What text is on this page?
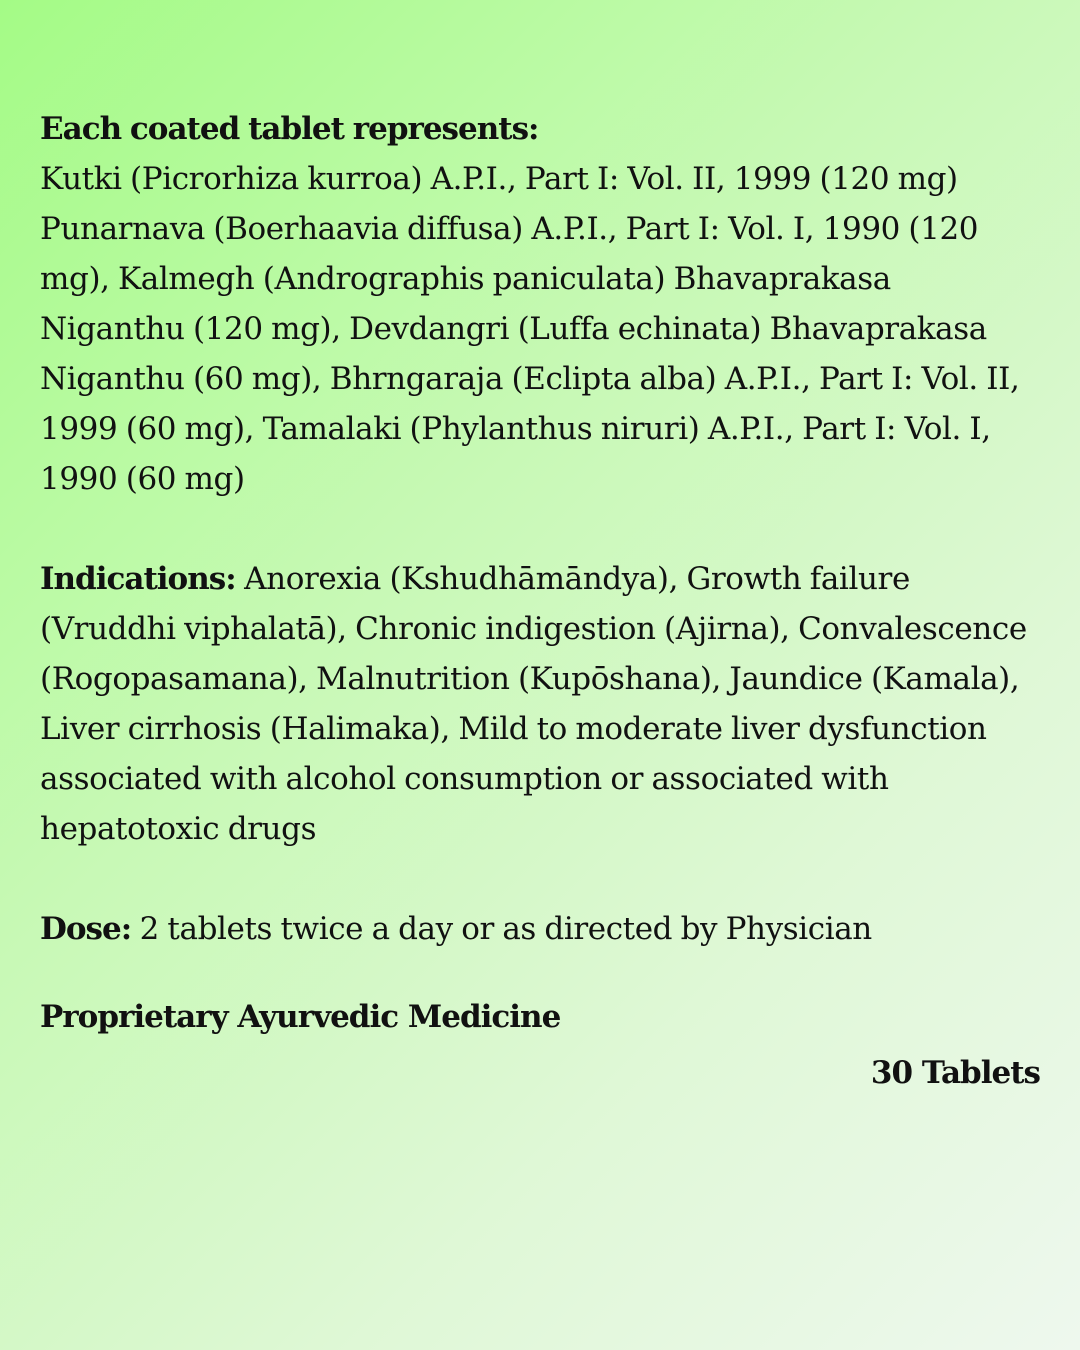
Each coated tablet represents:
Kutki (Picrorhiza kurroa) A.P.I., Part I: Vol. II, 1999 (120 mg) Punarnava (Boerhaavia diffusa) A.P.I., Part I: Vol. I, 1990 (120 mg), Kalmegh (Andrographis paniculata) Bhavaprakasa Niganthu (120 mg), Devdangri (Luffa echinata) Bhavaprakasa Niganthu (60 mg), Bhrngaraja (Eclipta alba) A.P.I., Part I: Vol. II, 1999 (60 mg), Tamalaki (Phylanthus niruri) A.P.I., Part I: Vol. I, 1990 (60 mg)

Indications: Anorexia (Kshudhāmāndya), Growth failure (Vruddhi viphalatā), Chronic indigestion (Ajirna), Convalescence (Rogopasamana), Malnutrition (Kupōshana), Jaundice (Kamala), Liver cirrhosis (Halimaka), Mild to moderate liver dysfunction associated with alcohol consumption or associated with hepatotoxic drugs

Dose: 2 tablets twice a day or as directed by Physician

Proprietary Ayurvedic Medicine

30 Tablets
